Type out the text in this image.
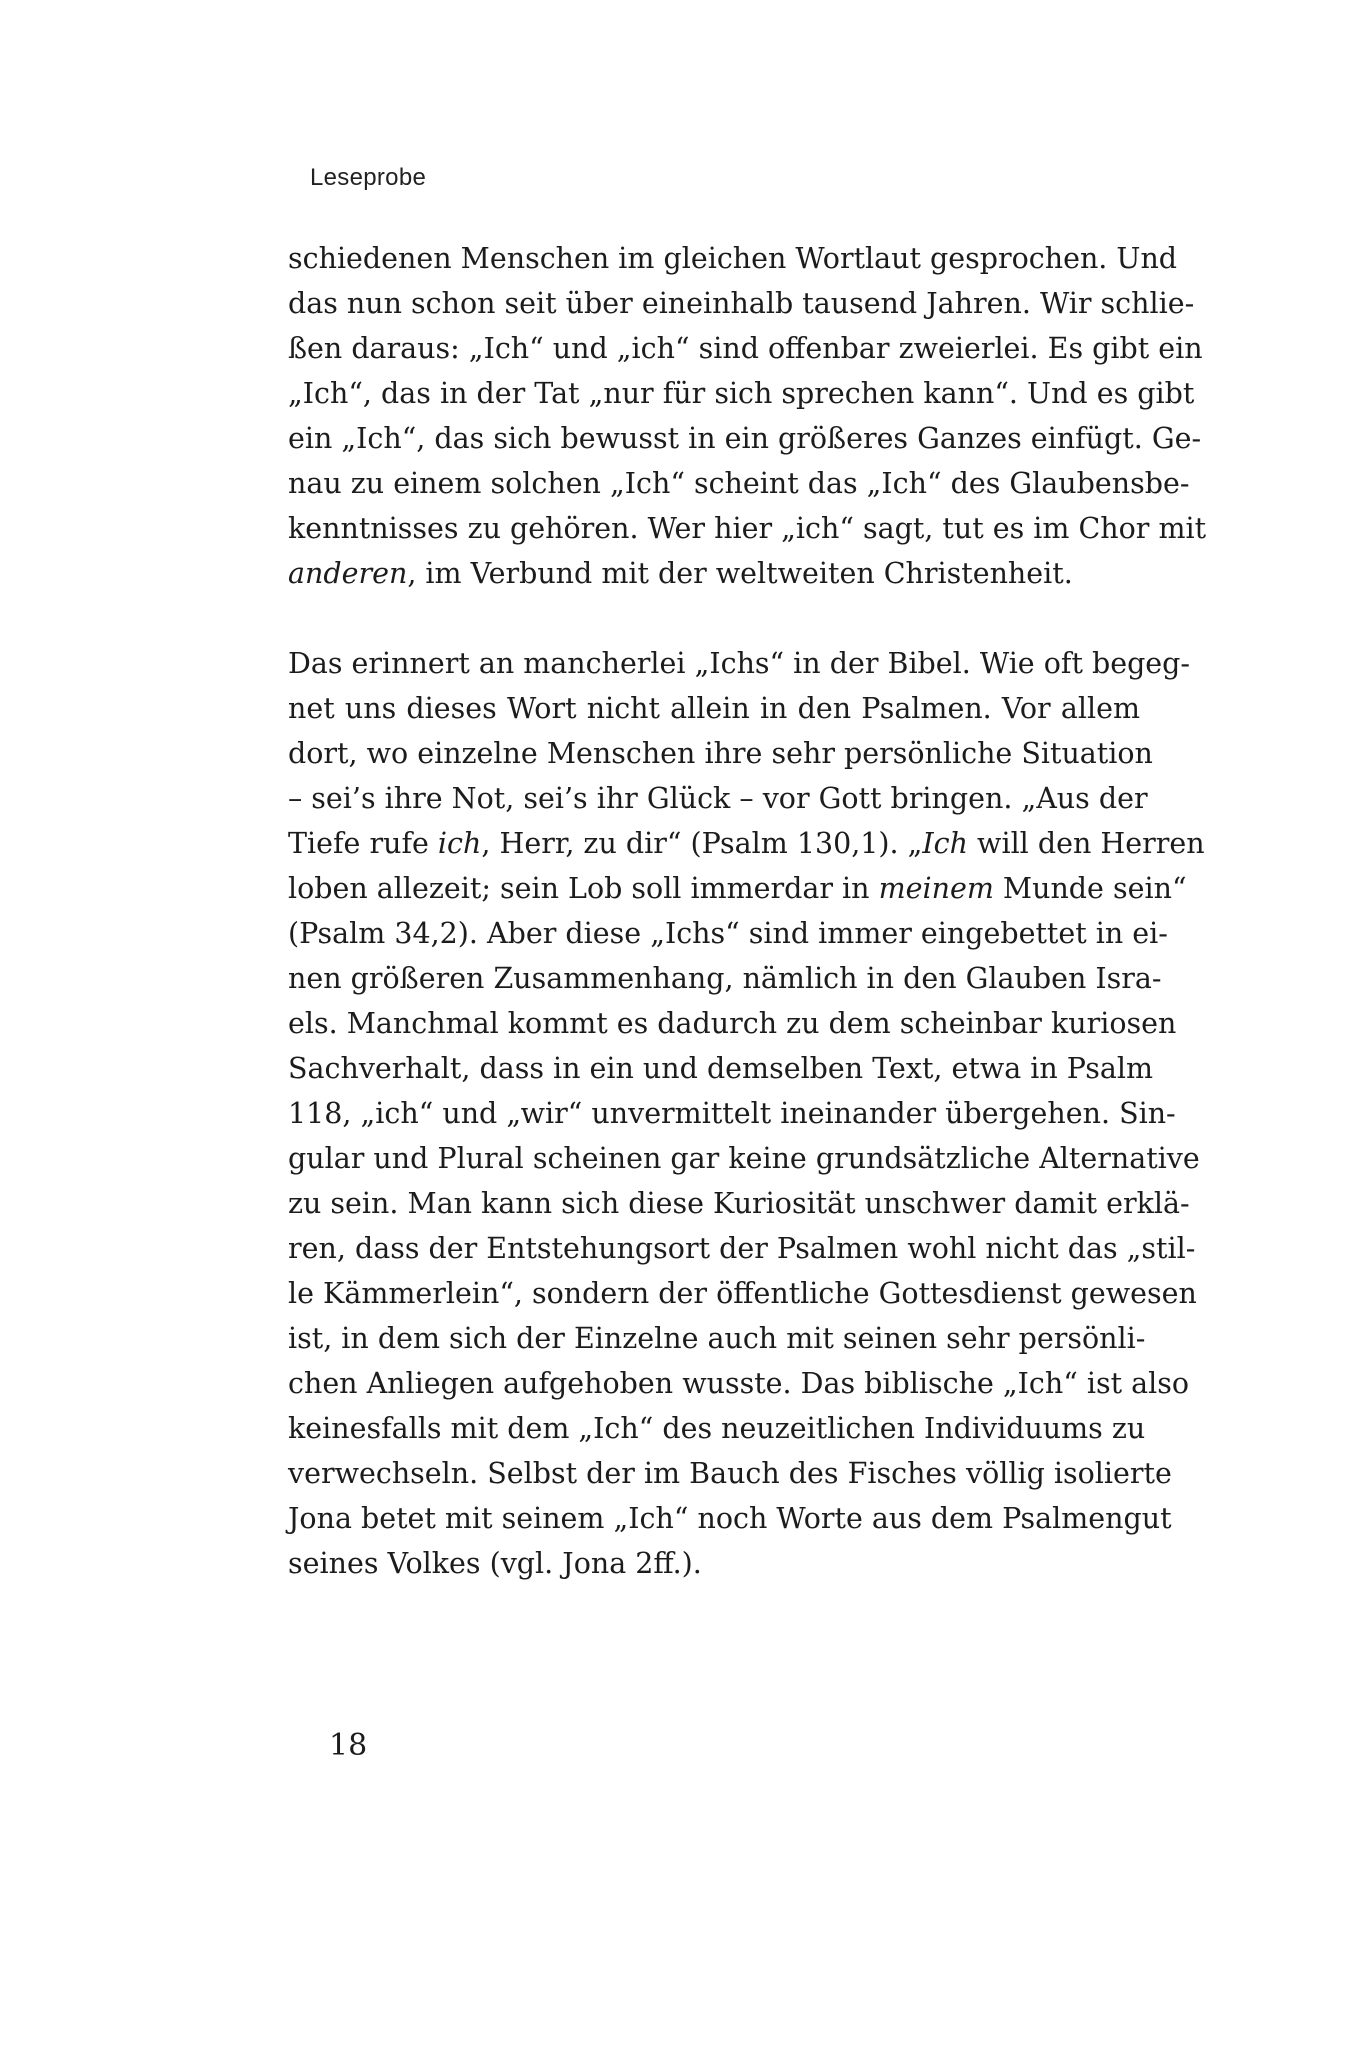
Leseprobe
schiedenen Menschen im gleichen Wortlaut gesprochen. Und
das nun schon seit über eineinhalb tausend Jahren. Wir schlie-
ßen daraus: „Ich“ und „ich“ sind offenbar zweierlei. Es gibt ein
„Ich“, das in der Tat „nur für sich sprechen kann“. Und es gibt
ein „Ich“, das sich bewusst in ein größeres Ganzes einfügt. Ge-
nau zu einem solchen „Ich“ scheint das „Ich“ des Glaubensbe-
kenntnisses zu gehören. Wer hier „ich“ sagt, tut es im Chor mit
anderen, im Verbund mit der weltweiten Christenheit.
Das erinnert an mancherlei „Ichs“ in der Bibel. Wie oft begeg-
net uns dieses Wort nicht allein in den Psalmen. Vor allem
dort, wo einzelne Menschen ihre sehr persönliche Situation
– sei’s ihre Not, sei’s ihr Glück – vor Gott bringen. „Aus der
Tiefe rufe ich, Herr, zu dir“ (Psalm 130,1). „Ich will den Herren
loben allezeit; sein Lob soll immerdar in meinem Munde sein“
(Psalm 34,2). Aber diese „Ichs“ sind immer eingebettet in ei-
nen größeren Zusammenhang, nämlich in den Glauben Isra-
els. Manchmal kommt es dadurch zu dem scheinbar kuriosen
Sachverhalt, dass in ein und demselben Text, etwa in Psalm
118, „ich“ und „wir“ unvermittelt ineinander übergehen. Sin-
gular und Plural scheinen gar keine grundsätzliche Alternative
zu sein. Man kann sich diese Kuriosität unschwer damit erklä-
ren, dass der Entstehungsort der Psalmen wohl nicht das „stil-
le Kämmerlein“, sondern der öffentliche Gottesdienst gewesen
ist, in dem sich der Einzelne auch mit seinen sehr persönli-
chen Anliegen aufgehoben wusste. Das biblische „Ich“ ist also
keinesfalls mit dem „Ich“ des neuzeitlichen Individuums zu
verwechseln. Selbst der im Bauch des Fisches völlig isolierte
Jona betet mit seinem „Ich“ noch Worte aus dem Psalmengut
seines Volkes (vgl. Jona 2ff.).
18
